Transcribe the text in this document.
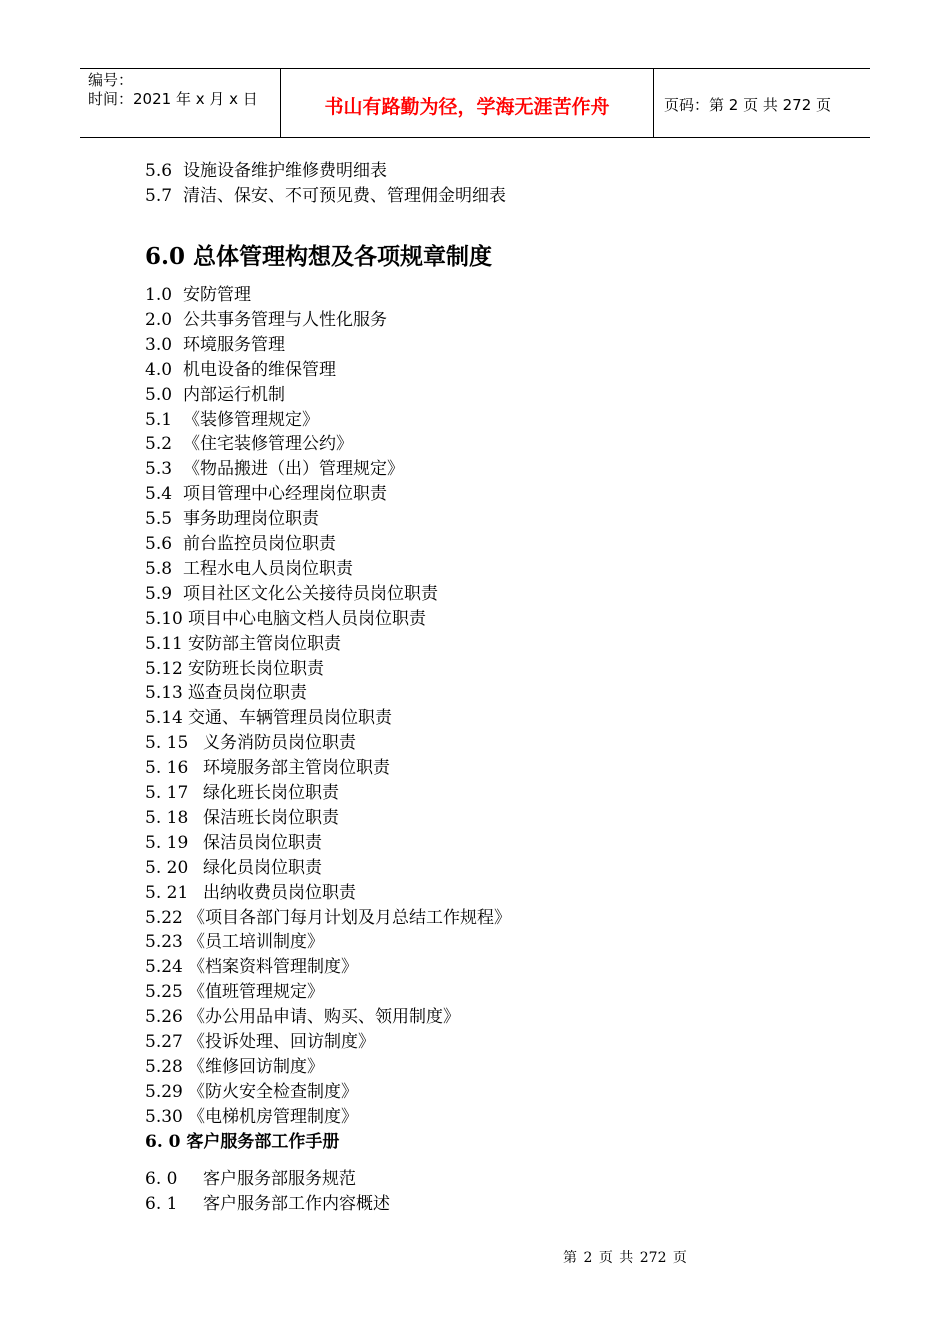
编号：
时间：2021 年 x 月 x 日	书山有路勤为径，学海无涯苦作舟	页码：第 2 页 共 272 页
5.6 设施设备维护维修费明细表
5.7 清洁、保安、不可预见费、管理佣金明细表
6.0 总体管理构想及各项规章制度
1.0 安防管理
2.0 公共事务管理与人性化服务
3.0 环境服务管理
4.0 机电设备的维保管理
5.0 内部运行机制
5.1 《装修管理规定》
5.2 《住宅装修管理公约》
5.3 《物品搬进（出）管理规定》
5.4 项目管理中心经理岗位职责
5.5 事务助理岗位职责
5.6 前台监控员岗位职责
5.8 工程水电人员岗位职责
5.9 项目社区文化公关接待员岗位职责
5.10 项目中心电脑文档人员岗位职责
5.11 安防部主管岗位职责
5.12 安防班长岗位职责
5.13 巡查员岗位职责
5.14 交通、车辆管理员岗位职责
5. 15 义务消防员岗位职责
5. 16 环境服务部主管岗位职责
5. 17 绿化班长岗位职责
5. 18 保洁班长岗位职责
5. 19 保洁员岗位职责
5. 20 绿化员岗位职责
5. 21 出纳收费员岗位职责
5.22 《项目各部门每月计划及月总结工作规程》
5.23 《员工培训制度》
5.24 《档案资料管理制度》
5.25 《值班管理规定》
5.26 《办公用品申请、购买、领用制度》
5.27 《投诉处理、回访制度》
5.28 《维修回访制度》
5.29 《防火安全检查制度》
5.30 《电梯机房管理制度》
6. 0 客户服务部工作手册
6. 0 客户服务部服务规范
6. 1 客户服务部工作内容概述
第 2 页 共 272 页
